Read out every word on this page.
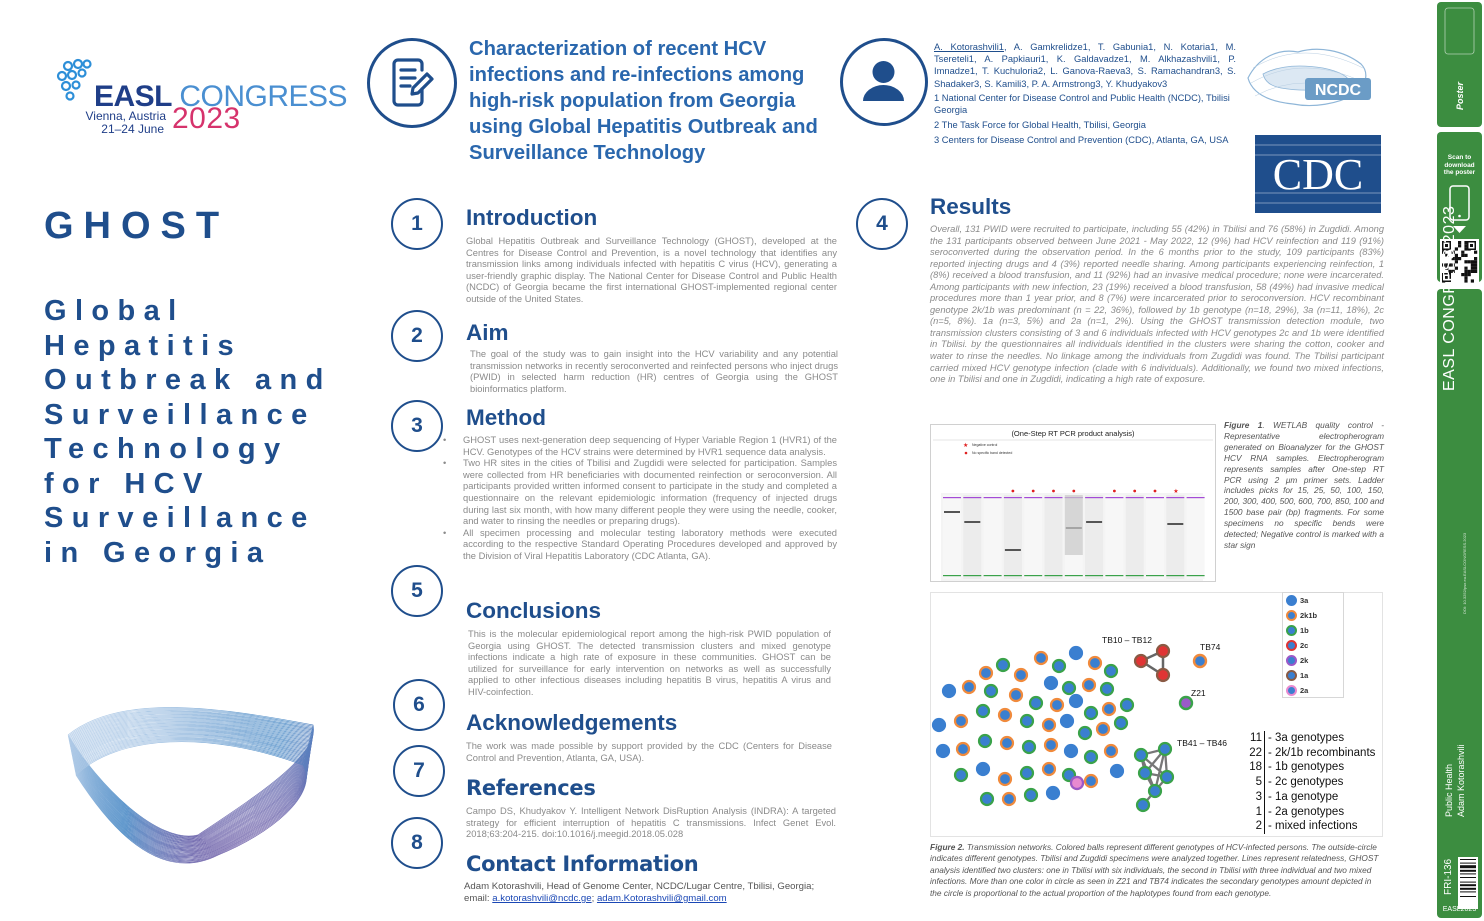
EASL CONGRESS
Vienna, Austria
21–24 June 2023
GHOST
Global
Hepatitis
Outbreak and
Surveillance
Technology
for HCV
Surveillance
in Georgia
Characterization of recent HCV infections and re-infections among high-risk population from Georgia using Global Hepatitis Outbreak and Surveillance Technology
1
2
3
4
5
6
7
8
Introduction
Global Hepatitis Outbreak and Surveillance Technology (GHOST), developed at the Centres for Disease Control and Prevention, is a novel technology that identifies any transmission links among individuals infected with hepatitis C virus (HCV), generating a user-friendly graphic display. The National Center for Disease Control and Public Health (NCDC) of Georgia became the first international GHOST-implemented regional center outside of the United States.
Aim
The goal of the study was to gain insight into the HCV variability and any potential transmission networks in recently seroconverted and reinfected persons who inject drugs (PWID) in selected harm reduction (HR) centres of Georgia using the GHOST bioinformatics platform.
Method
• GHOST uses next-generation deep sequencing of Hyper Variable Region 1 (HVR1) of the HCV. Genotypes of the HCV strains were determined by HVR1 sequence data analysis.
• Two HR sites in the cities of Tbilisi and Zugdidi were selected for participation. Samples were collected from HR beneficiaries with documented reinfection or seroconversion. All participants provided written informed consent to participate in the study and completed a questionnaire on the relevant epidemiologic information (frequency of injected drugs during last six month, with how many different people they were using the needle, cooker, and water to rinsing the needles or preparing drugs).
• All specimen processing and molecular testing laboratory methods were executed according to the respective Standard Operating Procedures developed and approved by the Division of Viral Hepatitis Laboratory (CDC Atlanta, GA).
Conclusions
This is the molecular epidemiological report among the high-risk PWID population of Georgia using GHOST. The detected transmission clusters and mixed genotype infections indicate a high rate of exposure in these communities. GHOST can be utilized for surveillance for early intervention on networks as well as successfully applied to other infectious diseases including hepatitis B virus, hepatitis A virus and HIV-coinfection.
Acknowledgements
The work was made possible by support provided by the CDC (Centers for Disease Control and Prevention, Atlanta, GA, USA).
References
Campo DS, Khudyakov Y. Intelligent Network DisRuption Analysis (INDRA): A targeted strategy for efficient interruption of hepatitis C transmissions. Infect Genet Evol. 2018;63:204-215. doi:10.1016/j.meegid.2018.05.028
Contact Information
Adam Kotorashvili, Head of Genome Center, NCDC/Lugar Centre, Tbilisi, Georgia; email: a.kotorashvili@ncdc.ge; adam.Kotorashvili@gmail.com
A. Kotorashvili1, A. Gamkrelidze1, T. Gabunia1, N. Kotaria1, M. Tsereteli1, A. Papkiauri1, K. Galdavadze1, M. Alkhazashvili1, P. Imnadze1, T. Kuchuloria2, L. Ganova-Raeva3, S. Ramachandran3, S. Shadaker3, S. Kamili3, P. A. Armstrong3, Y. Khudyakov3
1 National Center for Disease Control and Public Health (NCDC), Tbilisi Georgia
2 The Task Force for Global Health, Tbilisi, Georgia
3 Centers for Disease Control and Prevention (CDC), Atlanta, GA, USA
NCDC
CDC
Results
Overall, 131 PWID were recruited to participate, including 55 (42%) in Tbilisi and 76 (58%) in Zugdidi. Among the 131 participants observed between June 2021 - May 2022, 12 (9%) had HCV reinfection and 119 (91%) seroconverted during the observation period. In the 6 months prior to the study, 109 participants (83%) reported injecting drugs and 4 (3%) reported needle sharing. Among participants experiencing reinfection, 1 (8%) received a blood transfusion, and 11 (92%) had an invasive medical procedure; none were incarcerated. Among participants with new infection, 23 (19%) received a blood transfusion, 58 (49%) had invasive medical procedures more than 1 year prior, and 8 (7%) were incarcerated prior to seroconversion. HCV recombinant genotype 2k/1b was predominant (n = 22, 36%), followed by 1b genotype (n=18, 29%), 3a (n=11, 18%), 2c (n=5, 8%). 1a (n=3, 5%) and 2a (n=1, 2%). Using the GHOST transmission detection module, two transmission clusters consisting of 3 and 6 individuals infected with HCV genotypes 2c and 1b were identified in Tbilisi. by the questionnaires all individuals identified in the clusters were sharing the cotton, cooker and water to rinse the needles. No linkage among the individuals from Zugdidi was found. The Tbilisi participant carried mixed HCV genotype infection (clade with 6 individuals). Additionally, we found two mixed infections, one in Tbilisi and one in Zugdidi, indicating a high rate of exposure.
(One-Step RT PCR product analysis)
★ Negative control
No specific band detected
★
Figure 1. WETLAB quality control - Representative electropherogram generated on Bioanalyzer for the GHOST HCV RNA samples. Electropherogram represents samples after One-step RT PCR using 2 μm primer sets. Ladder includes picks for 15, 25, 50, 100, 150, 200, 300, 400, 500, 600, 700, 850, 100 and 1500 base pair (bp) fragments. For some specimens no specific bends were detected; Negative control is marked with a star sign
TB10 – TB12
TB74
Z21
TB41 – TB46
3a
2k1b
1b
2c
2k
1a
2a
11 - 3a genotypes
22 - 2k/1b recombinants
18 - 1b genotypes
5 - 2c genotypes
3 - 1a genotype
1 - 2a genotypes
2 - mixed infections
Figure 2. Transmission networks. Colored balls represent different genotypes of HCV-infected persons. The outside-circle indicates different genotypes. Tbilisi and Zugdidi specimens were analyzed together. Lines represent relatedness, GHOST analysis identified two clusters: one in Tbilisi with six individuals, the second in Tbilisi with three individual and two mixed infections. More than one color in circle as seen in Z21 and TB74 indicates the secondary genotypes amount depicted in the circle is proportional to the actual proportion of the haplotypes found from each genotype.
Poster
Scan to download the poster
EASL CONGRESS 2023
DOI: 10.3252/pso.eu.EASLCONGRESS.2023
Public Health Adam Kotorashvili
FRI-136
EASL2023
